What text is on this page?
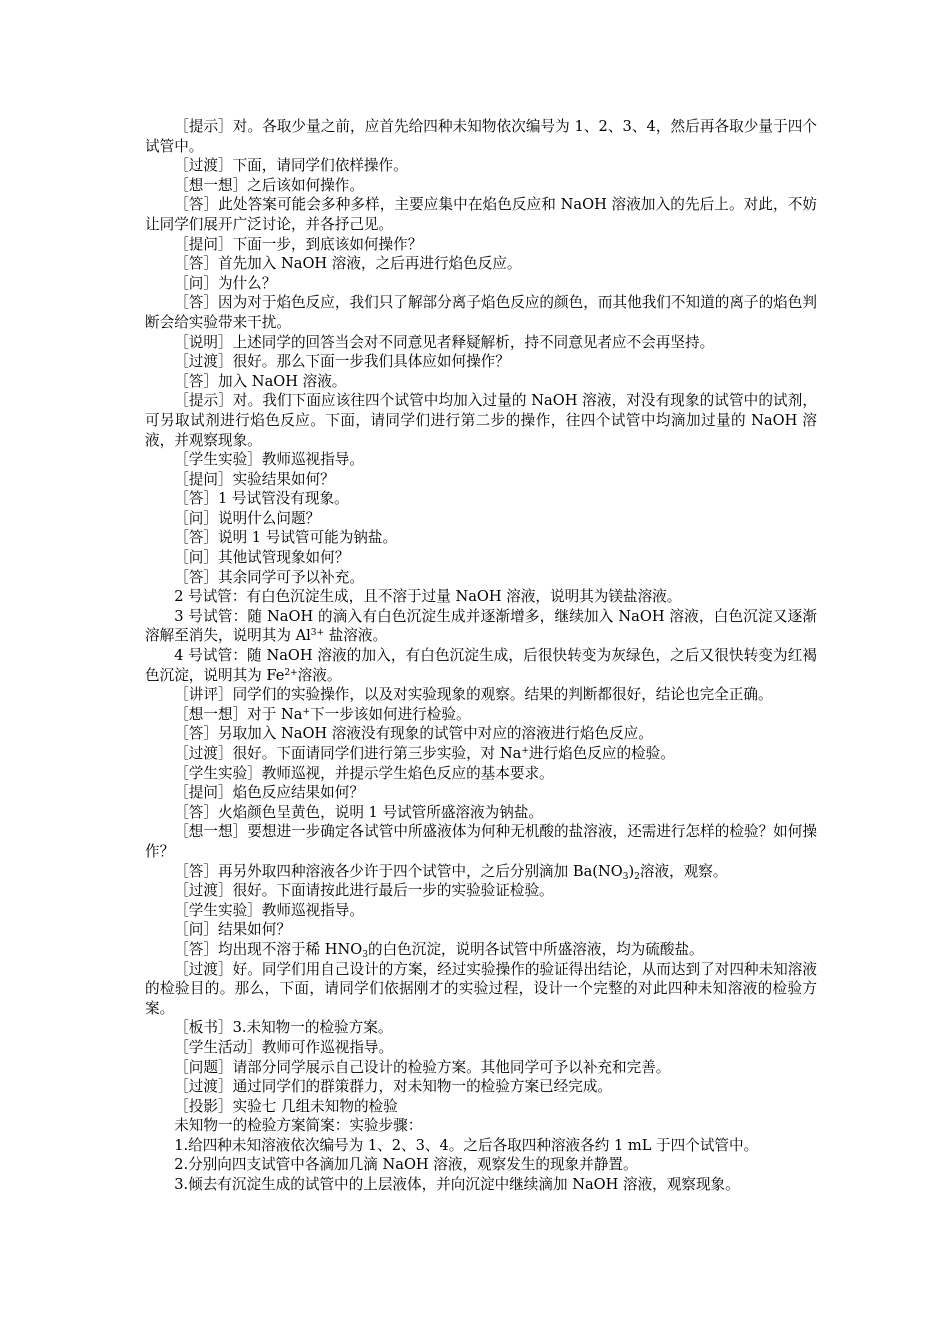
［提示］对。各取少量之前，应首先给四种未知物依次编号为 1、2、3、4，然后再各取少量于四个试管中。

［过渡］下面，请同学们依样操作。

［想一想］之后该如何操作。

［答］此处答案可能会多种多样，主要应集中在焰色反应和 NaOH 溶液加入的先后上。对此，不妨让同学们展开广泛讨论，并各抒己见。

［提问］下面一步，到底该如何操作？

［答］首先加入 NaOH 溶液，之后再进行焰色反应。

［问］为什么？

［答］因为对于焰色反应，我们只了解部分离子焰色反应的颜色，而其他我们不知道的离子的焰色判断会给实验带来干扰。

［说明］上述同学的回答当会对不同意见者释疑解析，持不同意见者应不会再坚持。

［过渡］很好。那么下面一步我们具体应如何操作？

［答］加入 NaOH 溶液。

［提示］对。我们下面应该往四个试管中均加入过量的 NaOH 溶液，对没有现象的试管中的试剂，可另取试剂进行焰色反应。下面，请同学们进行第二步的操作，往四个试管中均滴加过量的 NaOH 溶液，并观察现象。

［学生实验］教师巡视指导。

［提问］实验结果如何？

［答］1 号试管没有现象。

［问］说明什么问题？

［答］说明 1 号试管可能为钠盐。

［问］其他试管现象如何？

［答］其余同学可予以补充。

2 号试管：有白色沉淀生成，且不溶于过量 NaOH 溶液，说明其为镁盐溶液。

3 号试管：随 NaOH 的滴入有白色沉淀生成并逐渐增多，继续加入 NaOH 溶液，白色沉淀又逐渐溶解至消失，说明其为 $Al^{3+}$ 盐溶液。

4 号试管：随 NaOH 溶液的加入，有白色沉淀生成，后很快转变为灰绿色，之后又很快转变为红褐色沉淀，说明其为 $Fe^{2+}$溶液。

［讲评］同学们的实验操作，以及对实验现象的观察。结果的判断都很好，结论也完全正确。

［想一想］对于 Na+下一步该如何进行检验。

［答］另取加入 NaOH 溶液没有现象的试管中对应的溶液进行焰色反应。

［过渡］很好。下面请同学们进行第三步实验，对 Na+进行焰色反应的检验。

［学生实验］教师巡视，并提示学生焰色反应的基本要求。

［提问］焰色反应结果如何？

［答］火焰颜色呈黄色，说明 1 号试管所盛溶液为钠盐。

［想一想］要想进一步确定各试管中所盛液体为何种无机酸的盐溶液，还需进行怎样的检验？如何操作？

［答］再另外取四种溶液各少许于四个试管中，之后分别滴加 $Ba(NO_3)_2$溶液，观察。

［过渡］很好。下面请按此进行最后一步的实验验证检验。

［学生实验］教师巡视指导。

［问］结果如何？

［答］均出现不溶于稀 $HNO_3$的白色沉淀，说明各试管中所盛溶液，均为硫酸盐。

［过渡］好。同学们用自己设计的方案，经过实验操作的验证得出结论，从而达到了对四种未知溶液的检验目的。那么，下面，请同学们依据刚才的实验过程，设计一个完整的对此四种未知溶液的检验方案。

［板书］3.未知物一的检验方案。

［学生活动］教师可作巡视指导。

［问题］请部分同学展示自己设计的检验方案。其他同学可予以补充和完善。

［过渡］通过同学们的群策群力，对未知物一的检验方案已经完成。

［投影］实验七 几组未知物的检验

未知物一的检验方案简案：实验步骤：

1.给四种未知溶液依次编号为 1、2、3、4。之后各取四种溶液各约 1 mL 于四个试管中。

2.分别向四支试管中各滴加几滴 NaOH 溶液，观察发生的现象并静置。

3.倾去有沉淀生成的试管中的上层液体，并向沉淀中继续滴加 NaOH 溶液，观察现象。
